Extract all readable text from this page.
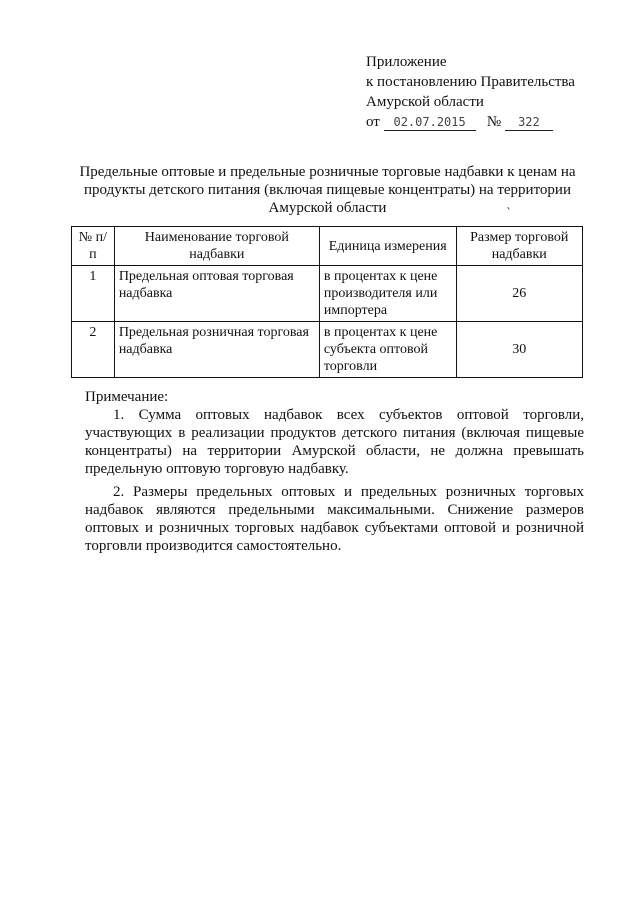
Приложение
к постановлению Правительства
Амурской области
от 02.07.2015 № 322
Предельные оптовые и предельные розничные торговые надбавки к ценам на продукты детского питания (включая пищевые концентраты) на территории Амурской области	`
№ п/п	Наименование торговой надбавки	Единица измерения	Размер торговой надбавки
1	Предельная оптовая торговая надбавка	в процентах к цене производителя или импортера	26
2	Предельная розничная торговая надбавка	в процентах к цене субъекта оптовой торговли	30
Примечание:

1. Сумма оптовых надбавок всех субъектов оптовой торговли, участвующих в реализации продуктов детского питания (включая пищевые концентраты) на территории Амурской области, не должна превышать предельную оптовую торговую надбавку.

2. Размеры предельных оптовых и предельных розничных торговых надбавок являются предельными максимальными. Снижение размеров оптовых и розничных торговых надбавок субъектами оптовой и розничной торговли производится самостоятельно.
